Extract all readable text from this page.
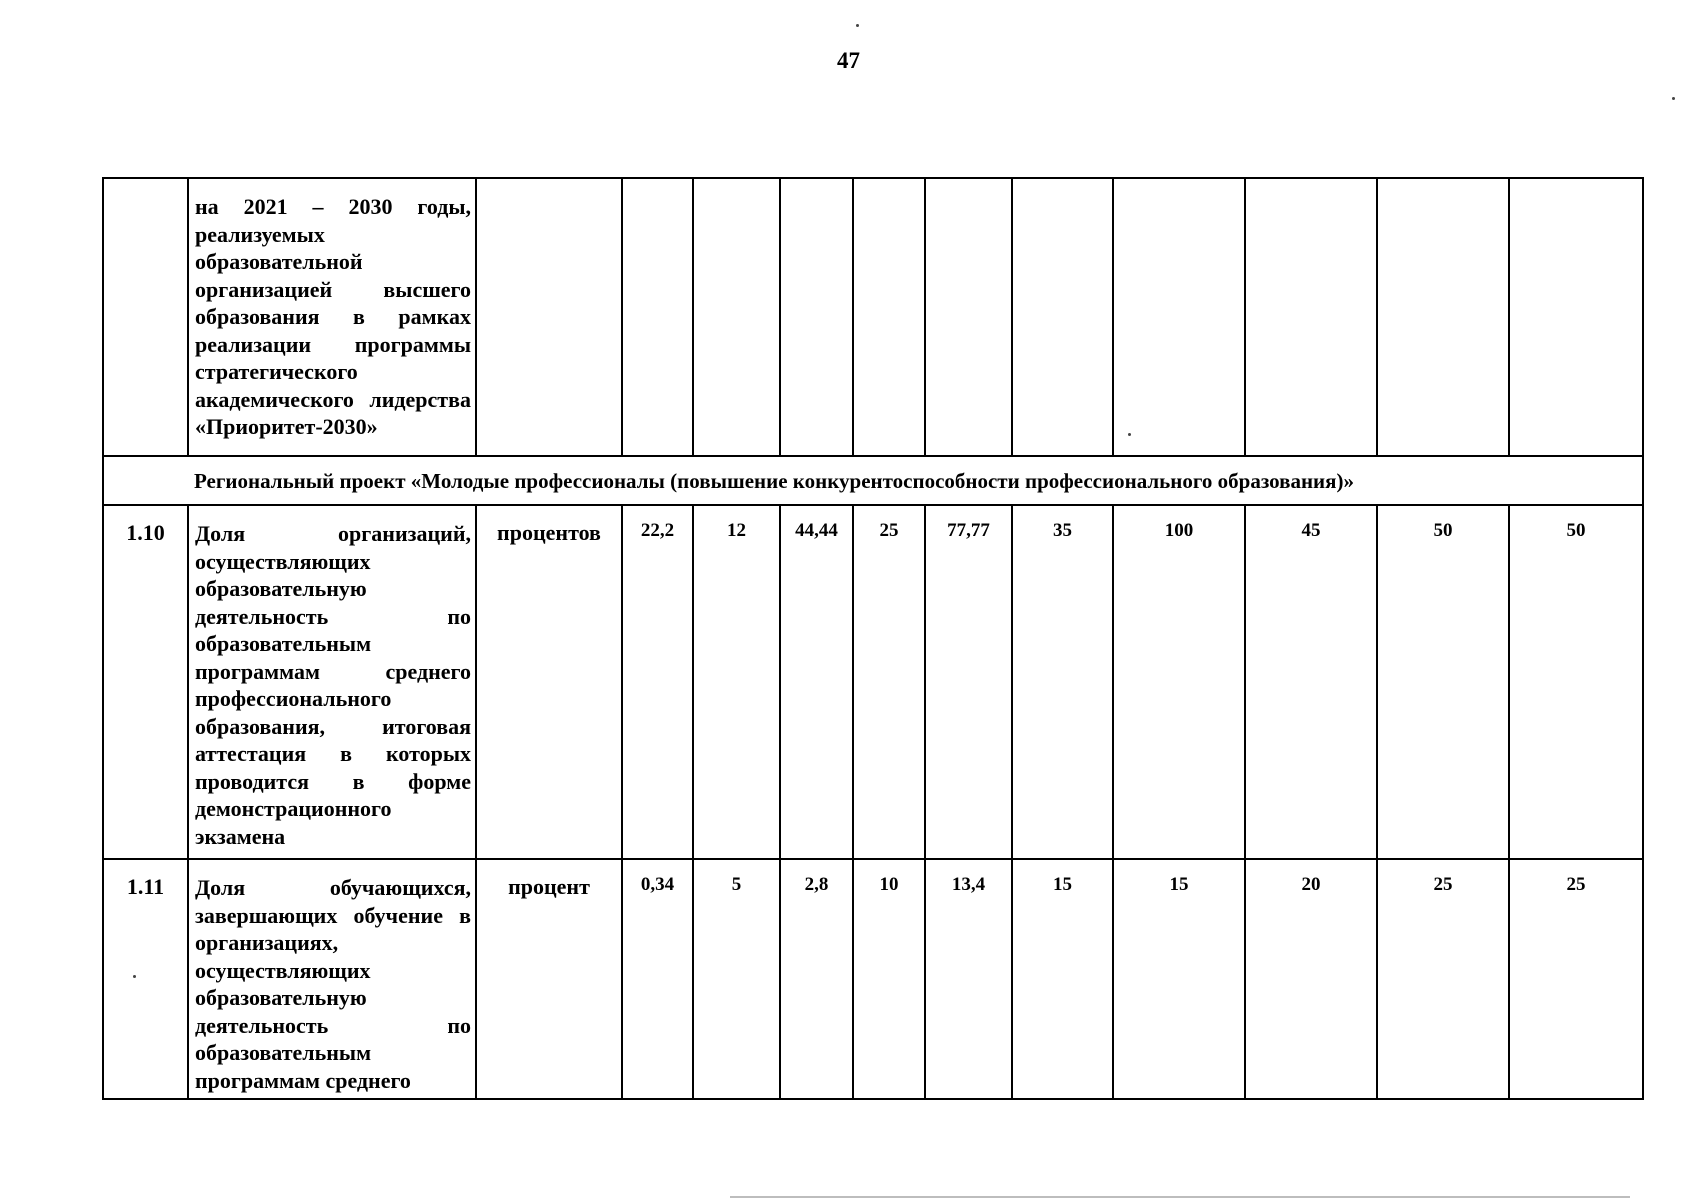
47
	на 2021 – 2030 годы, реализуемых образовательной организацией высшего образования в рамках реализации программы стратегического академического лидерства «Приоритет-2030»											
Региональный проект «Молодые профессионалы (повышение конкурентоспособности профессионального образования)»												
1.10	Доля организаций, осуществляющих образовательную деятельность по образовательным программам среднего профессионального образования, итоговая аттестация в которых проводится в форме демонстрационного экзамена	процентов	22,2	12	44,44	25	77,77	35	100	45	50	50
1.11	Доля обучающихся, завершающих обучение в организациях, осуществляющих образовательную деятельность по образовательным программам среднего	процент	0,34	5	2,8	10	13,4	15	15	20	25	25
